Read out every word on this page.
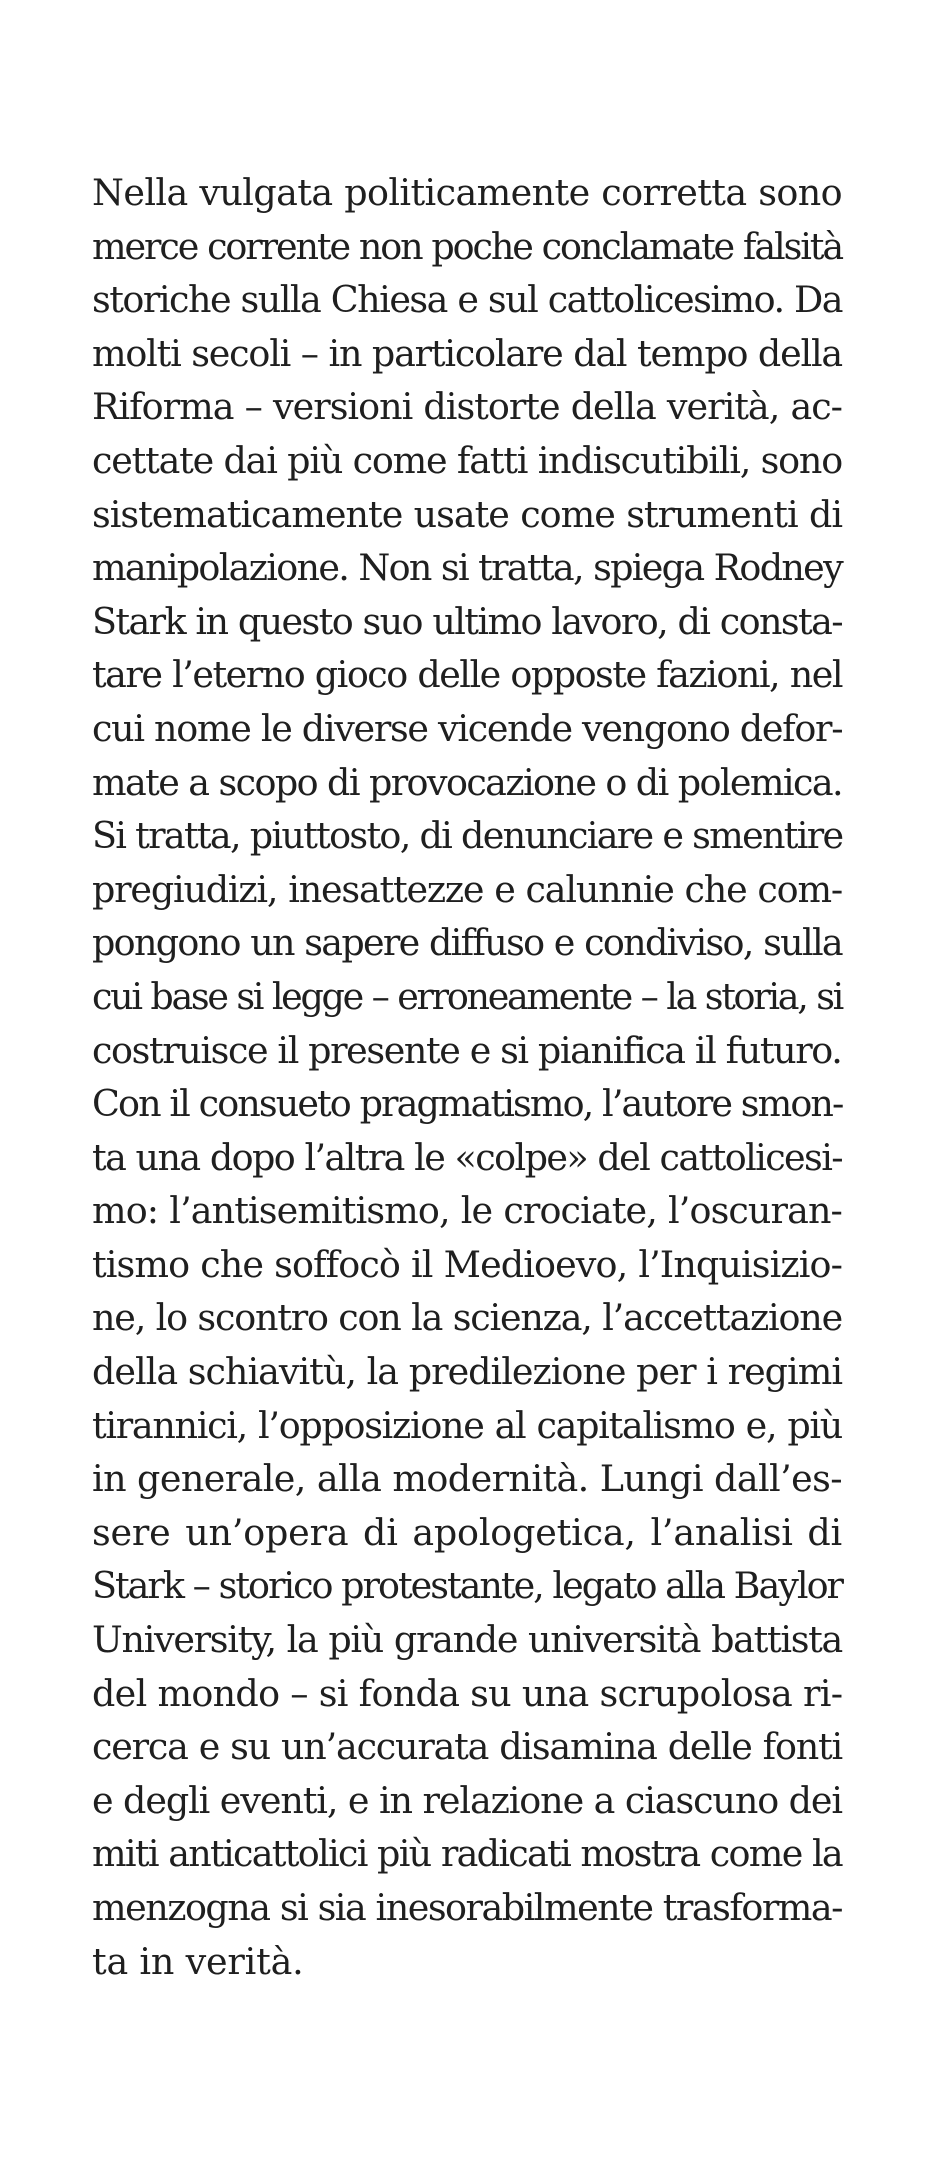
Nella vulgata politicamente corretta sono
merce corrente non poche conclamate falsità
storiche sulla Chiesa e sul cattolicesimo. Da
molti secoli – in particolare dal tempo della
Riforma – versioni distorte della verità, ac-
cettate dai più come fatti indiscutibili, sono
sistematicamente usate come strumenti di
manipolazione. Non si tratta, spiega Rodney
Stark in questo suo ultimo lavoro, di consta-
tare l’eterno gioco delle opposte fazioni, nel
cui nome le diverse vicende vengono defor-
mate a scopo di provocazione o di polemica.
Si tratta, piuttosto, di denunciare e smentire
pregiudizi, inesattezze e calunnie che com-
pongono un sapere diffuso e condiviso, sulla
cui base si legge – erroneamente – la storia, si
costruisce il presente e si pianifica il futuro.
Con il consueto pragmatismo, l’autore smon-
ta una dopo l’altra le «colpe» del cattolicesi-
mo: l’antisemitismo, le crociate, l’oscuran-
tismo che soffocò il Medioevo, l’Inquisizio-
ne, lo scontro con la scienza, l’accettazione
della schiavitù, la predilezione per i regimi
tirannici, l’opposizione al capitalismo e, più
in generale, alla modernità. Lungi dall’es-
sere un’opera di apologetica, l’analisi di
Stark – storico protestante, legato alla Baylor
University, la più grande università battista
del mondo – si fonda su una scrupolosa ri-
cerca e su un’accurata disamina delle fonti
e degli eventi, e in relazione a ciascuno dei
miti anticattolici più radicati mostra come la
menzogna si sia inesorabilmente trasforma-
ta in verità.
